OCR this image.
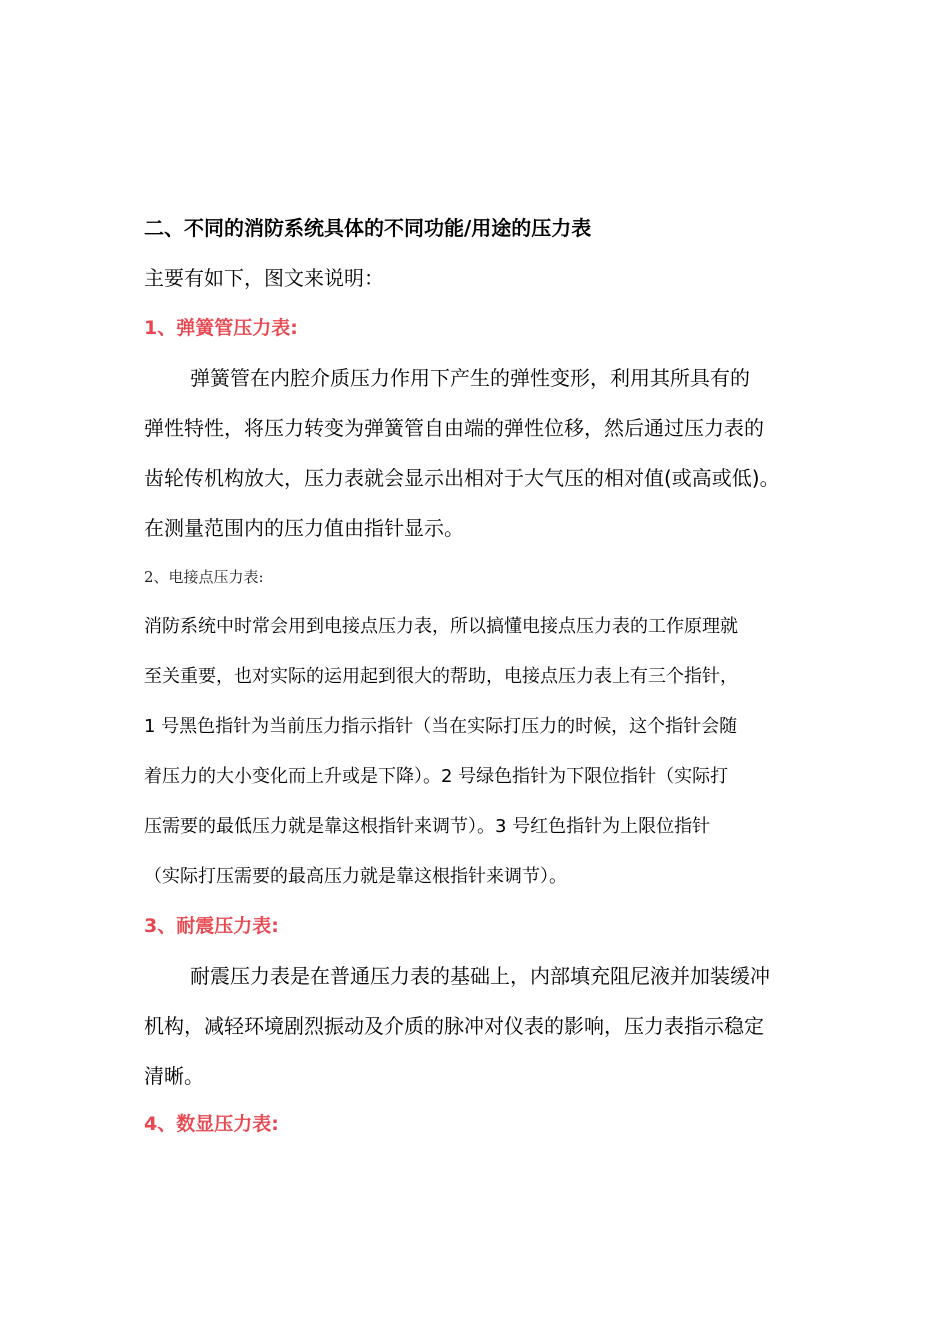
二、不同的消防系统具体的不同功能/用途的压力表

主要有如下，图文来说明：

1、弹簧管压力表:

弹簧管在内腔介质压力作用下产生的弹性变形，利用其所具有的

弹性特性，将压力转变为弹簧管自由端的弹性位移，然后通过压力表的

齿轮传机构放大，压力表就会显示出相对于大气压的相对值(或高或低)。

在测量范围内的压力值由指针显示。

2、电接点压力表:

消防系统中时常会用到电接点压力表，所以搞懂电接点压力表的工作原理就

至关重要，也对实际的运用起到很大的帮助，电接点压力表上有三个指针，

1 号黑色指针为当前压力指示指针（当在实际打压力的时候，这个指针会随

着压力的大小变化而上升或是下降）。2 号绿色指针为下限位指针（实际打

压需要的最低压力就是靠这根指针来调节）。3 号红色指针为上限位指针

（实际打压需要的最高压力就是靠这根指针来调节）。

3、耐震压力表:

耐震压力表是在普通压力表的基础上，内部填充阻尼液并加装缓冲

机构，减轻环境剧烈振动及介质的脉冲对仪表的影响，压力表指示稳定

清晰。

4、数显压力表:
